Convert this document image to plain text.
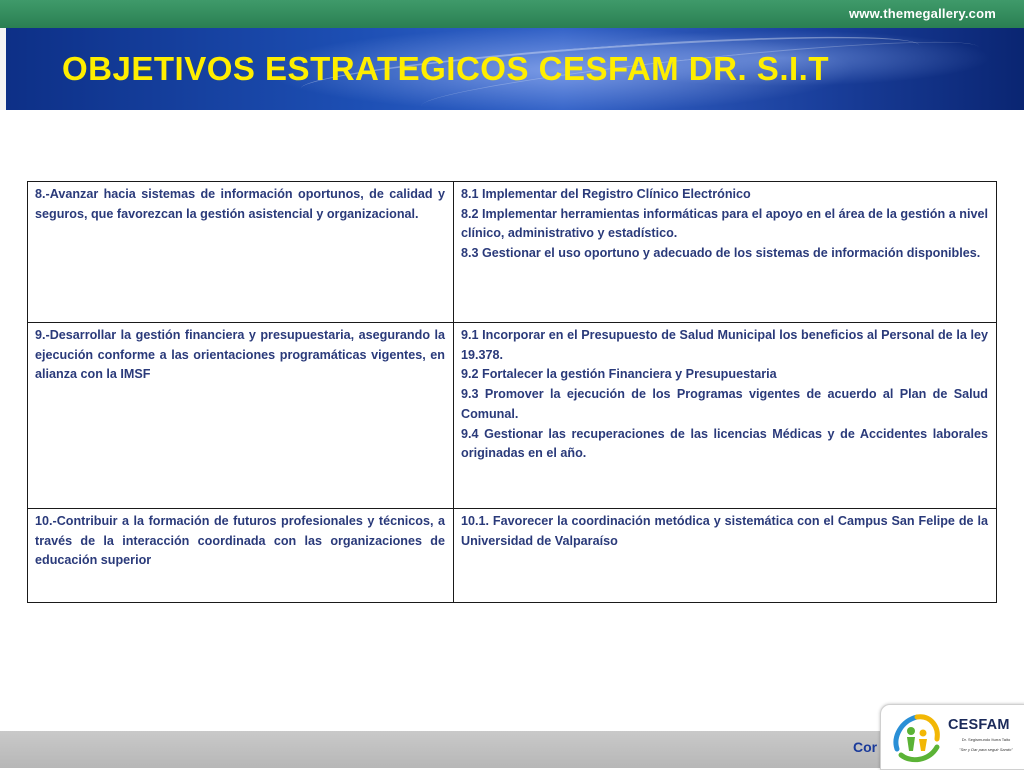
www.themegallery.com
OBJETIVOS ESTRATEGICOS CESFAM DR. S.I.T

8.-Avanzar hacia sistemas de información oportunos, de calidad y seguros, que favorezcan la gestión asistencial y organizacional.	8.1 Implementar del Registro Clínico Electrónico

8.2 Implementar herramientas informáticas para el apoyo en el área de la gestión a nivel clínico, administrativo y estadístico.

8.3 Gestionar el uso oportuno y adecuado de los sistemas de información disponibles.

9.-Desarrollar la gestión financiera y presupuestaria, asegurando la ejecución conforme a las orientaciones programáticas vigentes, en alianza con la IMSF	9.1 Incorporar en el Presupuesto de Salud Municipal los beneficios al Personal de la ley 19.378.

9.2 Fortalecer la gestión Financiera y Presupuestaria

9.3 Promover la ejecución de los Programas vigentes de acuerdo al Plan de Salud Comunal.

9.4 Gestionar las recuperaciones de las licencias Médicas y de Accidentes laborales originadas en el año.

10.-Contribuir a la formación de futuros profesionales y técnicos, a través de la interacción coordinada con las organizaciones de educación superior	10.1. Favorecer la coordinación metódica y sistemática con el Campus San Felipe de la Universidad de Valparaíso

Cor
CESFAM
Dr. Segismundo Iturra Taito
"Ser y Dar para seguir Sando"
